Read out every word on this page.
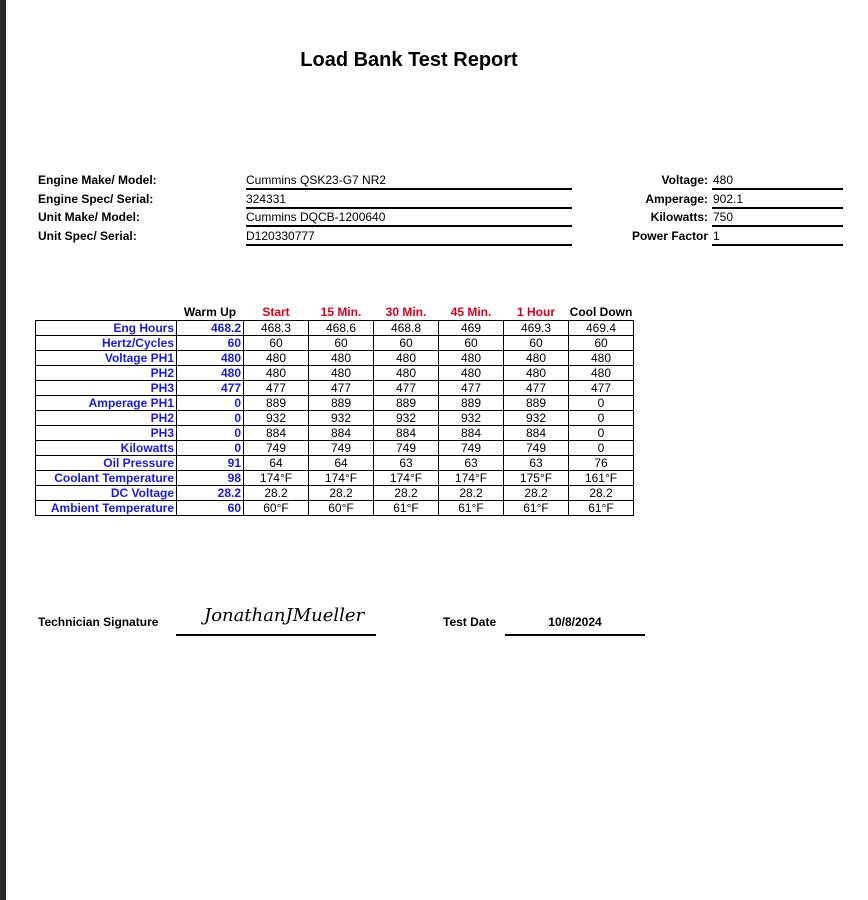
Load Bank Test Report
Engine Make/ Model:	Cummins QSK23-G7 NR2
Engine Spec/ Serial:	324331
Unit Make/ Model:	Cummins DQCB-1200640
Unit Spec/ Serial:	D120330777
Voltage: 480
Amperage: 902.1
Kilowatts: 750
Power Factor 1
	Warm Up	Start	15 Min.	30 Min.	45 Min.	1 Hour	Cool Down
Eng Hours	468.2	468.3	468.6	468.8	469	469.3	469.4
Hertz/Cycles	60	60	60	60	60	60	60
Voltage PH1	480	480	480	480	480	480	480
PH2	480	480	480	480	480	480	480
PH3	477	477	477	477	477	477	477
Amperage PH1	0	889	889	889	889	889	0
PH2	0	932	932	932	932	932	0
PH3	0	884	884	884	884	884	0
Kilowatts	0	749	749	749	749	749	0
Oil Pressure	91	64	64	63	63	63	76
Coolant Temperature	98	174°F	174°F	174°F	174°F	175°F	161°F
DC Voltage	28.2	28.2	28.2	28.2	28.2	28.2	28.2
Ambient Temperature	60	60°F	60°F	61°F	61°F	61°F	61°F
Technician Signature	JonathanJMueller	Test Date	10/8/2024
